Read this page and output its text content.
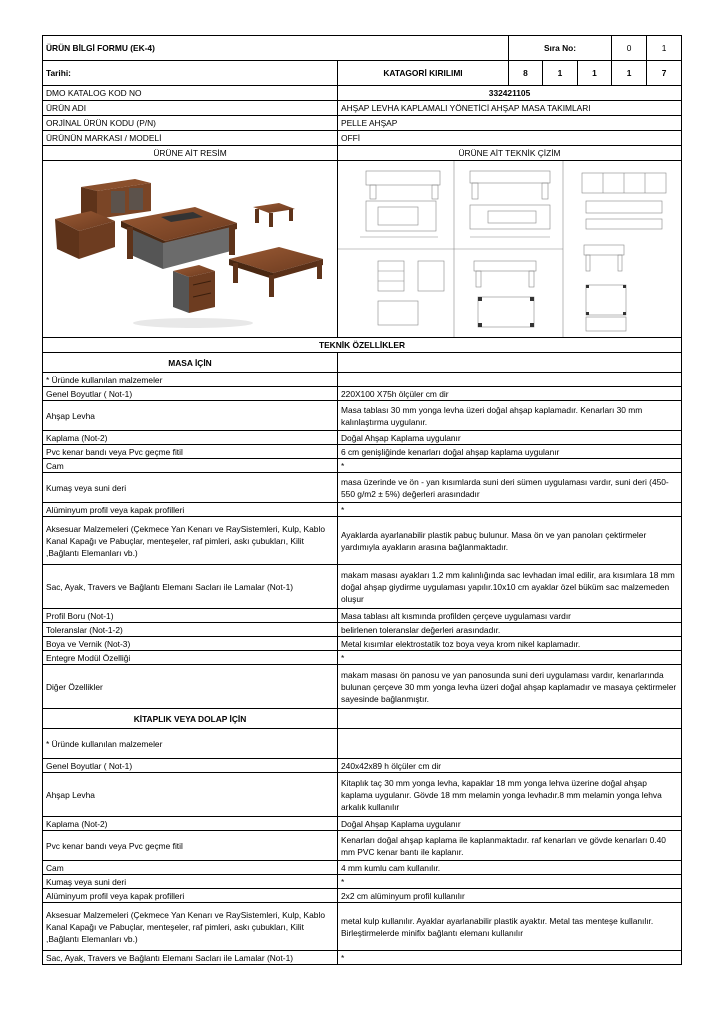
ÜRÜN BİLGİ FORMU (EK-4)		Sıra No:			0	1
Tarihi:	KATAGORİ KIRILIMI	8	1	1	1	7
DMO KATALOG KOD NO	332421105					
ÜRÜN ADI	AHŞAP LEVHA KAPLAMALI YÖNETİCİ AHŞAP MASA TAKIMLARI					
ORJİNAL ÜRÜN KODU (P/N)	PELLE AHŞAP					
ÜRÜNÜN MARKASI / MODELİ	OFFİ					
ÜRÜNE AİT RESİM	ÜRÜNE AİT TEKNİK ÇİZİM					

TEKNİK ÖZELLİKLER						
MASA İÇİN						
* Üründe kullanılan malzemeler						
Genel Boyutlar ( Not-1)	220X100 X75h ölçüler cm dir					
Ahşap Levha	Masa tablası 30 mm yonga levha üzeri doğal ahşap kaplamadır. Kenarları 30 mm kalınlaştırma uygulanır.					
Kaplama (Not-2)	Doğal Ahşap Kaplama uygulanır					
Pvc kenar bandı veya Pvc geçme fitil	6 cm genişliğinde kenarları doğal ahşap kaplama uygulanır					
Cam	*					
Kumaş veya suni deri	masa üzerinde ve ön - yan kısımlarda suni deri sümen uygulaması vardır, suni deri (450- 550 g/m2 ± 5%) değerleri arasındadır					
Alüminyum profil veya kapak profilleri	*					
Aksesuar Malzemeleri (Çekmece Yan Kenarı ve RaySistemleri, Kulp, Kablo Kanal Kapağı ve Pabuçlar, menteşeler, raf pimleri, askı çubukları, Kilit ,Bağlantı Elemanları vb.)	Ayaklarda ayarlanabilir plastik pabuç bulunur. Masa ön ve yan panoları çektirmeler yardımıyla ayakların arasına bağlanmaktadır.					
Sac, Ayak, Travers ve Bağlantı Elemanı Sacları ile Lamalar (Not-1)	makam masası ayakları 1.2 mm kalınlığında sac levhadan imal edilir, ara kısımlara 18 mm doğal ahşap giydirme uygulaması yapılır.10x10 cm ayaklar özel büküm sac malzemeden oluşur					
Profil Boru (Not-1)	Masa tablası alt kısmında profilden çerçeve uygulaması vardır					
Toleranslar (Not-1-2)	belirlenen toleranslar değerleri arasındadır.					
Boya ve Vernik (Not-3)	Metal kısımlar elektrostatik toz boya veya krom nikel kaplamadır.					
Entegre Modül Özelliği	*					
Diğer Özellikler	makam masası ön panosu ve yan panosunda suni deri uygulaması vardır, kenarlarında bulunan çerçeve 30 mm yonga levha üzeri doğal ahşap kaplamadır ve masaya çektirmeler sayesinde bağlanmıştır.					
KİTAPLIK VEYA DOLAP İÇİN						
* Üründe kullanılan malzemeler						
Genel Boyutlar ( Not-1)	240x42x89 h ölçüler cm dir					
Ahşap Levha	Kitaplık taç 30 mm yonga levha, kapaklar 18 mm yonga lehva üzerine doğal ahşap kaplama uygulanır. Gövde 18 mm melamin yonga levhadır.8 mm melamin yonga lehva arkalık kullanılır					
Kaplama (Not-2)	Doğal Ahşap Kaplama uygulanır					
Pvc kenar bandı veya Pvc geçme fitil	Kenarları doğal ahşap kaplama ile kaplanmaktadır. raf kenarları ve gövde kenarları 0.40 mm PVC kenar bantı ile kaplanır.					
Cam	4 mm kumlu cam kullanılır.					
Kumaş veya suni deri	*					
Alüminyum profil veya kapak profilleri	2x2 cm alüminyum profil kullanılır					
Aksesuar Malzemeleri (Çekmece Yan Kenarı ve RaySistemleri, Kulp, Kablo Kanal Kapağı ve Pabuçlar, menteşeler, raf pimleri, askı çubukları, Kilit ,Bağlantı Elemanları vb.)	metal kulp kullanılır. Ayaklar ayarlanabilir plastik ayaktır. Metal tas menteşe kullanılır. Birleştirmelerde minifix bağlantı elemanı kullanılır					
Sac, Ayak, Travers ve Bağlantı Elemanı Sacları ile Lamalar (Not-1)	*					
